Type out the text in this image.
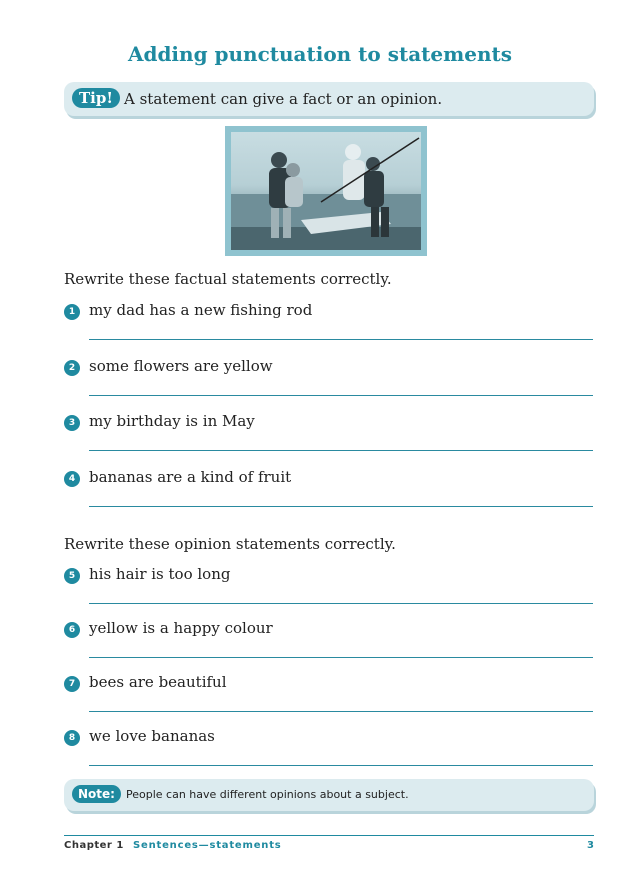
Adding punctuation to statements
Tip! A statement can give a fact or an opinion.
Rewrite these factual statements correctly.
1 my dad has a new fishing rod
2 some flowers are yellow
3 my birthday is in May
4 bananas are a kind of fruit
Rewrite these opinion statements correctly.
5 his hair is too long
6 yellow is a happy colour
7 bees are beautiful
8 we love bananas
Note:	People can have different opinions about a subject.
Chapter 1 Sentences—statements	3
